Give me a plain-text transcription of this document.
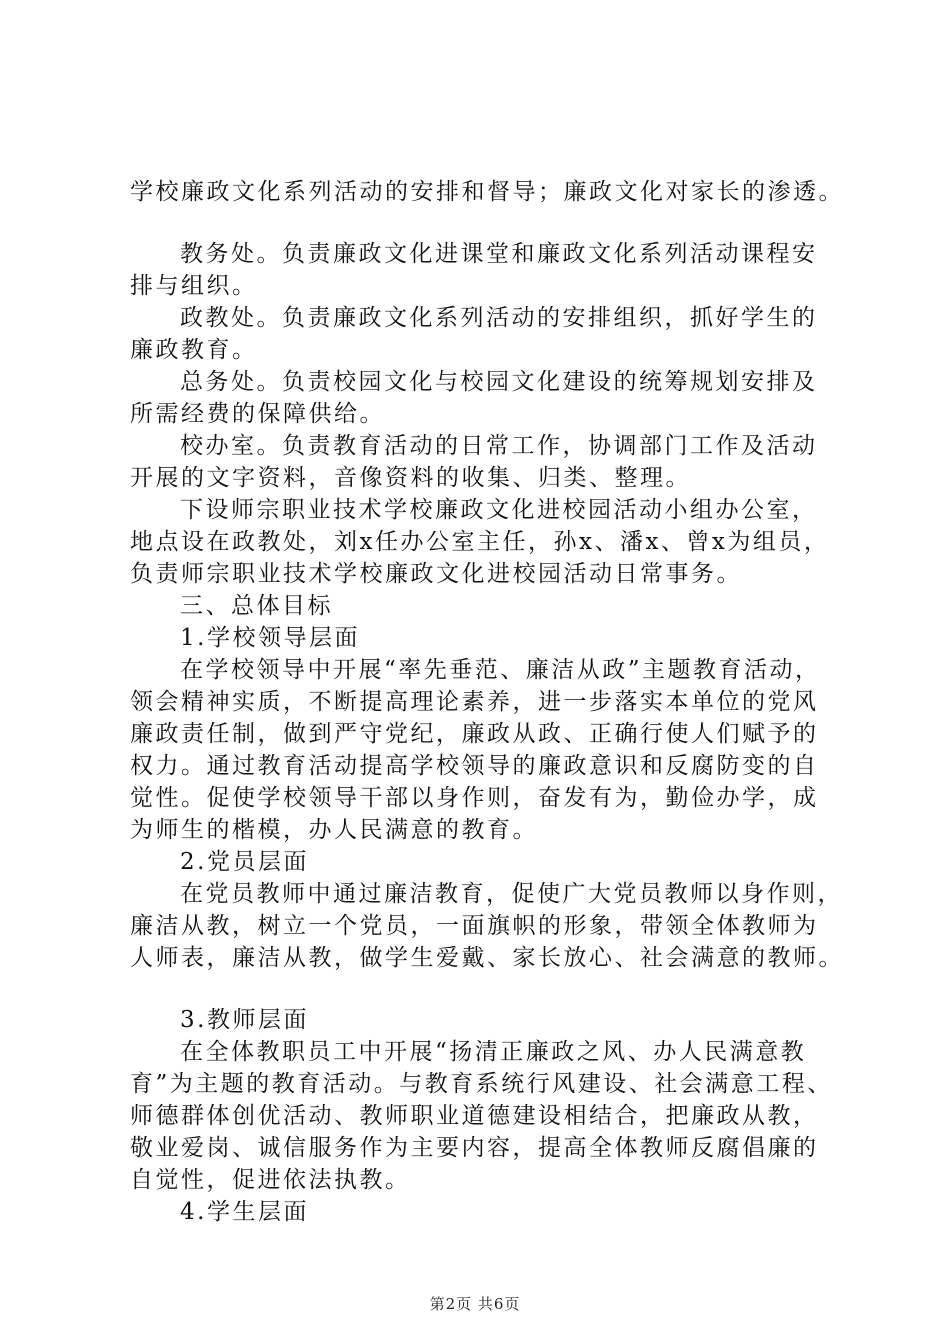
学校廉政文化系列活动的安排和督导；廉政文化对家长的渗透。
教务处。负责廉政文化进课堂和廉政文化系列活动课程安
排与组织。
政教处。负责廉政文化系列活动的安排组织，抓好学生的
廉政教育。
总务处。负责校园文化与校园文化建设的统筹规划安排及
所需经费的保障供给。
校办室。负责教育活动的日常工作，协调部门工作及活动
开展的文字资料，音像资料的收集、归类、整理。
下设师宗职业技术学校廉政文化进校园活动小组办公室，
地点设在政教处，刘x任办公室主任，孙x、潘x、曾x为组员，
负责师宗职业技术学校廉政文化进校园活动日常事务。
三、总体目标
1.学校领导层面
在学校领导中开展“率先垂范、廉洁从政”主题教育活动，
领会精神实质，不断提高理论素养，进一步落实本单位的党风
廉政责任制，做到严守党纪，廉政从政、正确行使人们赋予的
权力。通过教育活动提高学校领导的廉政意识和反腐防变的自
觉性。促使学校领导干部以身作则，奋发有为，勤俭办学，成
为师生的楷模，办人民满意的教育。
2.党员层面
在党员教师中通过廉洁教育，促使广大党员教师以身作则，
廉洁从教，树立一个党员，一面旗帜的形象，带领全体教师为
人师表，廉洁从教，做学生爱戴、家长放心、社会满意的教师。
3.教师层面
在全体教职员工中开展“扬清正廉政之风、办人民满意教
育”为主题的教育活动。与教育系统行风建设、社会满意工程、
师德群体创优活动、教师职业道德建设相结合，把廉政从教，
敬业爱岗、诚信服务作为主要内容，提高全体教师反腐倡廉的
自觉性，促进依法执教。
4.学生层面
第2页 共6页
